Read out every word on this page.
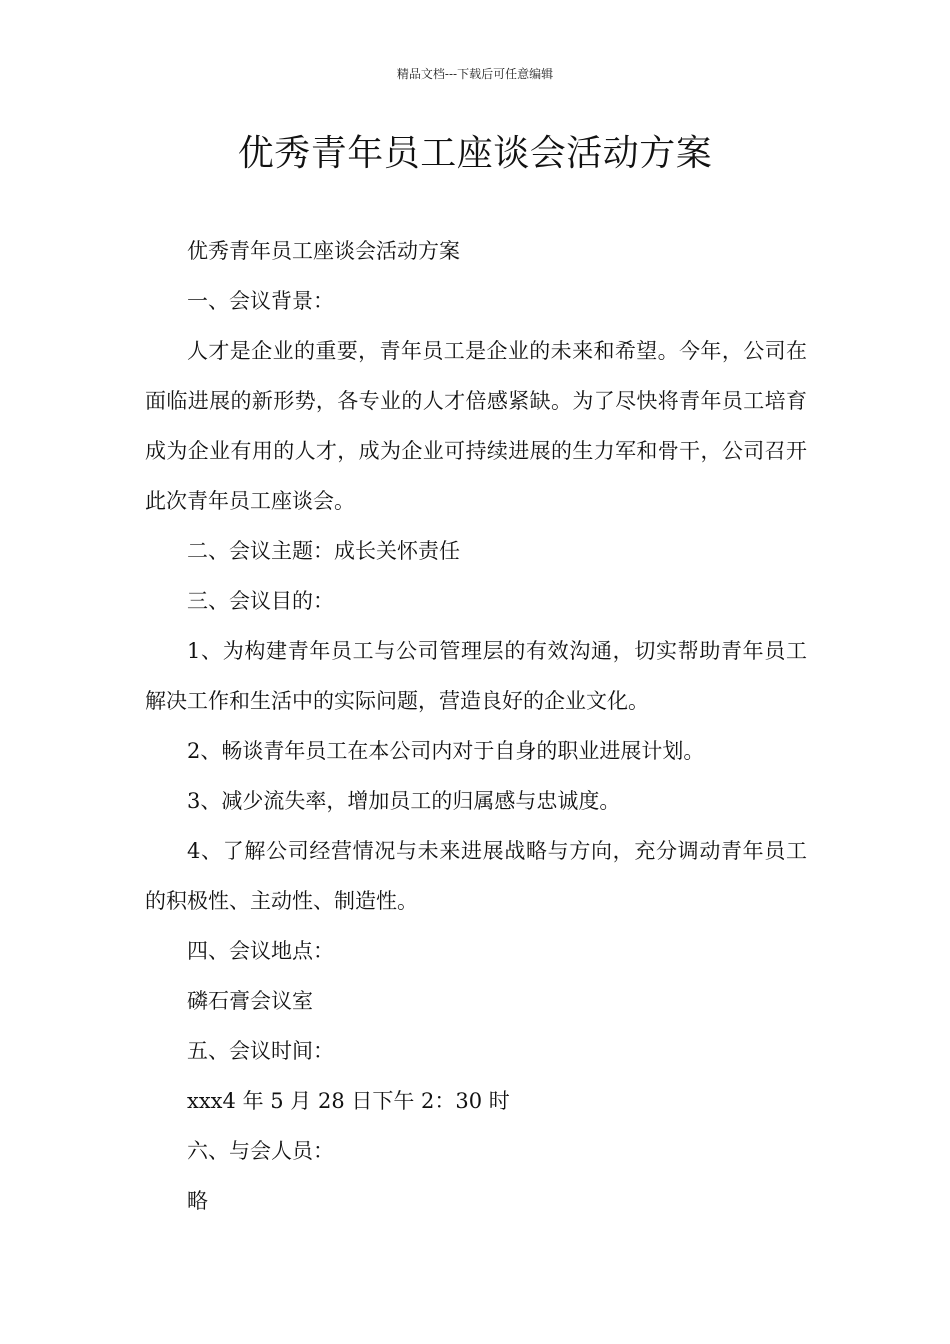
精品文档---下载后可任意编辑
优秀青年员工座谈会活动方案

优秀青年员工座谈会活动方案

一、会议背景：

人才是企业的重要，青年员工是企业的未来和希望。今年，公司在面临进展的新形势，各专业的人才倍感紧缺。为了尽快将青年员工培育成为企业有用的人才，成为企业可持续进展的生力军和骨干，公司召开此次青年员工座谈会。

二、会议主题：成长关怀责任

三、会议目的：

1、为构建青年员工与公司管理层的有效沟通，切实帮助青年员工解决工作和生活中的实际问题，营造良好的企业文化。

2、畅谈青年员工在本公司内对于自身的职业进展计划。

3、减少流失率，增加员工的归属感与忠诚度。

4、了解公司经营情况与未来进展战略与方向，充分调动青年员工的积极性、主动性、制造性。

四、会议地点：

磷石膏会议室

五、会议时间：

xxx4 年 5 月 28 日下午 2：30 时

六、与会人员：

略
